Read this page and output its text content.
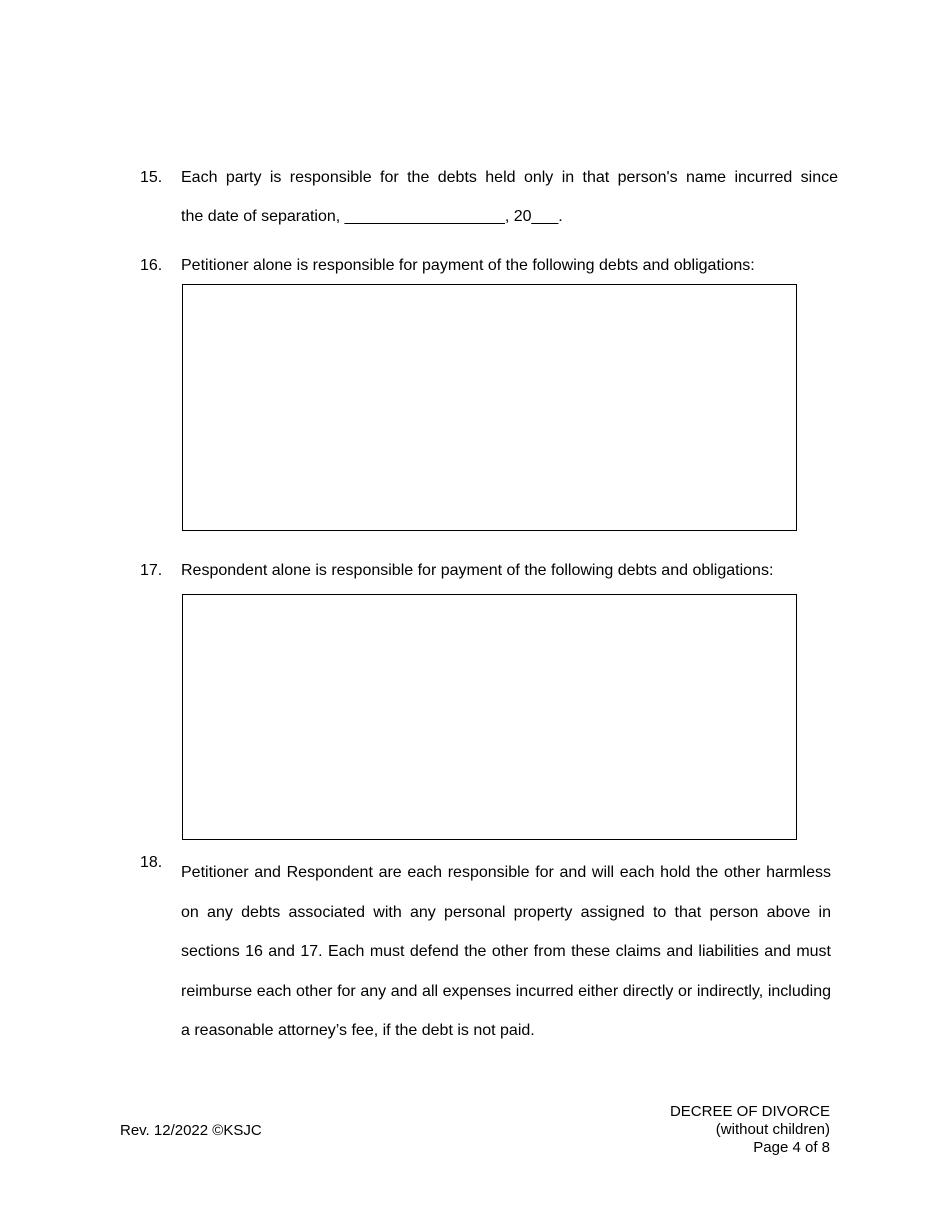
15. Each party is responsible for the debts held only in that person's name incurred since
the date of separation, __________________, 20___.
16. Petitioner alone is responsible for payment of the following debts and obligations:
17. Respondent alone is responsible for payment of the following debts and obligations:
18.
Petitioner and Respondent are each responsible for and will each hold the other harmless on any debts associated with any personal property assigned to that person above in sections 16 and 17. Each must defend the other from these claims and liabilities and must reimburse each other for any and all expenses incurred either directly or indirectly, including a reasonable attorney’s fee, if the debt is not paid.
Rev. 12/2022 ©KSJC
DECREE OF DIVORCE
(without children)
Page 4 of 8
